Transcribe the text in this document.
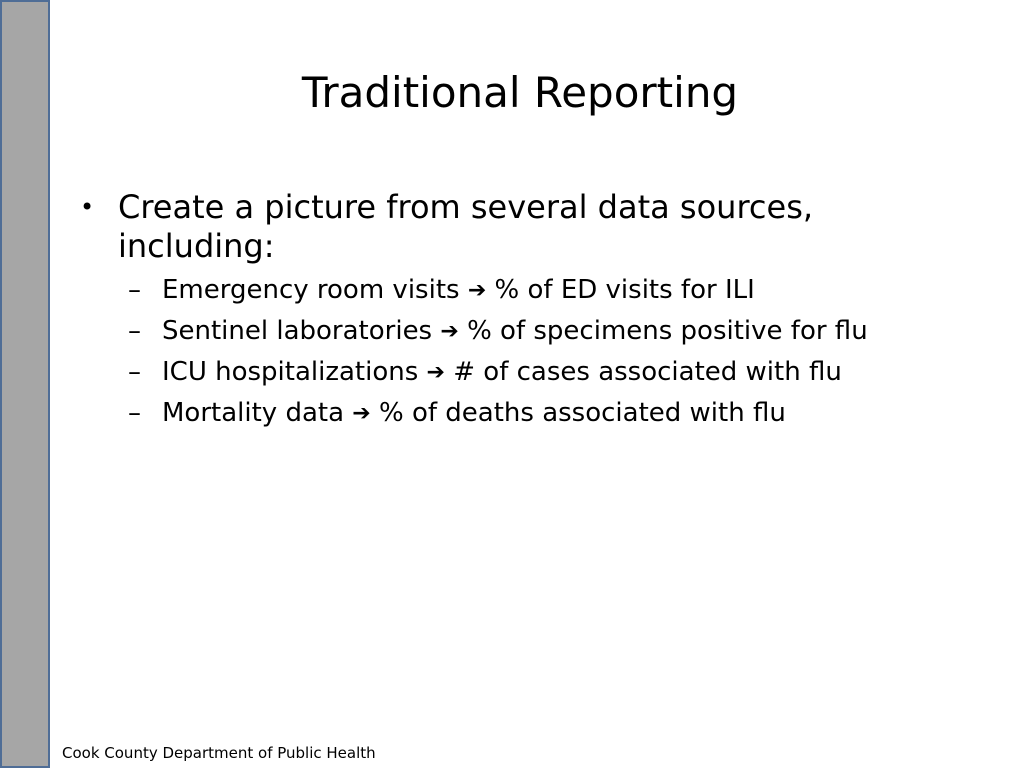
Traditional Reporting
• Create a picture from several data sources, including:
– Emergency room visits ➔ % of ED visits for ILI
– Sentinel laboratories ➔ % of specimens positive for flu
– ICU hospitalizations ➔ # of cases associated with flu
– Mortality data ➔ % of deaths associated with flu
Cook County Department of Public Health
